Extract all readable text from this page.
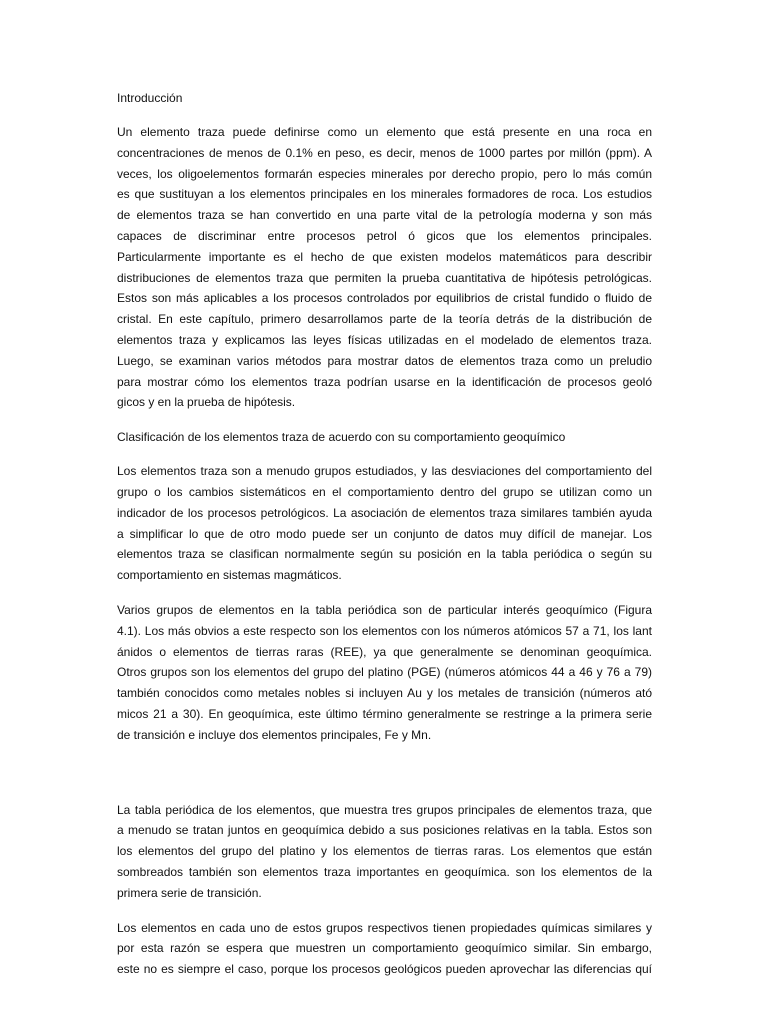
Introducción
Un elemento traza puede definirse como un elemento que está presente en una roca en
concentraciones de menos de 0.1% en peso, es decir, menos de 1000 partes por millón (ppm). A
veces, los oligoelementos formarán especies minerales por derecho propio, pero lo más común
es que sustituyan a los elementos principales en los minerales formadores de roca. Los estudios
de elementos traza se han convertido en una parte vital de la petrología moderna y son más
capaces de discriminar entre procesos petrol ó gicos que los elementos principales.
Particularmente importante es el hecho de que existen modelos matemáticos para describir
distribuciones de elementos traza que permiten la prueba cuantitativa de hipótesis petrológicas.
Estos son más aplicables a los procesos controlados por equilibrios de cristal fundido o fluido de
cristal. En este capítulo, primero desarrollamos parte de la teoría detrás de la distribución de
elementos traza y explicamos las leyes físicas utilizadas en el modelado de elementos traza.
Luego, se examinan varios métodos para mostrar datos de elementos traza como un preludio
para mostrar cómo los elementos traza podrían usarse en la identificación de procesos geoló
gicos y en la prueba de hipótesis.
Clasificación de los elementos traza de acuerdo con su comportamiento geoquímico
Los elementos traza son a menudo grupos estudiados, y las desviaciones del comportamiento del
grupo o los cambios sistemáticos en el comportamiento dentro del grupo se utilizan como un
indicador de los procesos petrológicos. La asociación de elementos traza similares también ayuda
a simplificar lo que de otro modo puede ser un conjunto de datos muy difícil de manejar. Los
elementos traza se clasifican normalmente según su posición en la tabla periódica o según su
comportamiento en sistemas magmáticos.
Varios grupos de elementos en la tabla periódica son de particular interés geoquímico (Figura
4.1). Los más obvios a este respecto son los elementos con los números atómicos 57 a 71, los lant
ánidos o elementos de tierras raras (REE), ya que generalmente se denominan geoquímica.
Otros grupos son los elementos del grupo del platino (PGE) (números atómicos 44 a 46 y 76 a 79)
también conocidos como metales nobles si incluyen Au y los metales de transición (números ató
micos 21 a 30). En geoquímica, este último término generalmente se restringe a la primera serie
de transición e incluye dos elementos principales, Fe y Mn.
La tabla periódica de los elementos, que muestra tres grupos principales de elementos traza, que
a menudo se tratan juntos en geoquímica debido a sus posiciones relativas en la tabla. Estos son
los elementos del grupo del platino y los elementos de tierras raras. Los elementos que están
sombreados también son elementos traza importantes en geoquímica. son los elementos de la
primera serie de transición.
Los elementos en cada uno de estos grupos respectivos tienen propiedades químicas similares y
por esta razón se espera que muestren un comportamiento geoquímico similar. Sin embargo,
este no es siempre el caso, porque los procesos geológicos pueden aprovechar las diferencias quí
